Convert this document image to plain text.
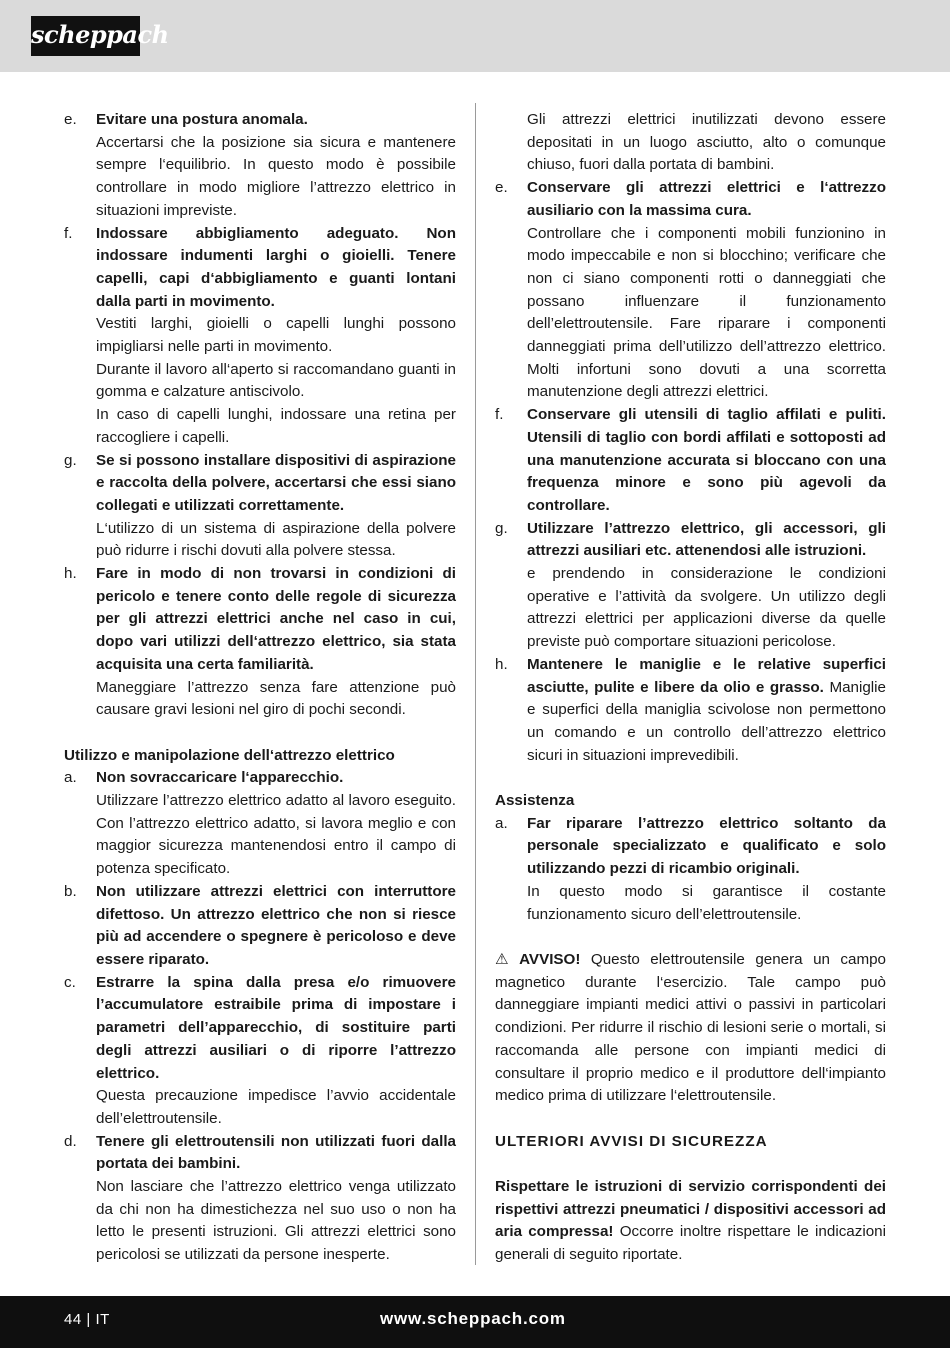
scheppach
e. Evitare una postura anomala.

Accertarsi che la posizione sia sicura e mantenere sempre l‘equilibrio. In questo modo è possibile controllare in modo migliore l’attrezzo elettrico in situazioni impreviste.

f. Indossare abbigliamento adeguato. Non indossare indumenti larghi o gioielli. Tenere capelli, capi d‘abbigliamento e guanti lontani dalla parti in movimento.

Vestiti larghi, gioielli o capelli lunghi possono impigliarsi nelle parti in movimento.

Durante il lavoro all‘aperto si raccomandano guanti in gomma e calzature antiscivolo.

In caso di capelli lunghi, indossare una retina per raccogliere i capelli.

g. Se si possono installare dispositivi di aspirazione e raccolta della polvere, accertarsi che essi siano collegati e utilizzati correttamente.

L‘utilizzo di un sistema di aspirazione della polvere può ridurre i rischi dovuti alla polvere stessa.

h. Fare in modo di non trovarsi in condizioni di pericolo e tenere conto delle regole di sicurezza per gli attrezzi elettrici anche nel caso in cui, dopo vari utilizzi dell‘attrezzo elettrico, sia stata acquisita una certa familiarità.

Maneggiare l’attrezzo senza fare attenzione può causare gravi lesioni nel giro di pochi secondi.

Utilizzo e manipolazione dell‘attrezzo elettrico

a. Non sovraccaricare l‘apparecchio.

Utilizzare l’attrezzo elettrico adatto al lavoro eseguito. Con l’attrezzo elettrico adatto, si lavora meglio e con maggior sicurezza mantenendosi entro il campo di potenza specificato.

b. Non utilizzare attrezzi elettrici con interruttore difettoso. Un attrezzo elettrico che non si riesce più ad accendere o spegnere è pericoloso e deve essere riparato.

c. Estrarre la spina dalla presa e/o rimuovere l’accumulatore estraibile prima di impostare i parametri dell’apparecchio, di sostituire parti degli attrezzi ausiliari o di riporre l’attrezzo elettrico.

Questa precauzione impedisce l’avvio accidentale dell’elettroutensile.

d. Tenere gli elettroutensili non utilizzati fuori dalla portata dei bambini.

Non lasciare che l’attrezzo elettrico venga utilizzato da chi non ha dimestichezza nel suo uso o non ha letto le presenti istruzioni. Gli attrezzi elettrici sono pericolosi se utilizzati da persone inesperte.

Gli attrezzi elettrici inutilizzati devono essere depositati in un luogo asciutto, alto o comunque chiuso, fuori dalla portata di bambini.

e. Conservare gli attrezzi elettrici e l‘attrezzo ausiliario con la massima cura.

Controllare che i componenti mobili funzionino in modo impeccabile e non si blocchino; verificare che non ci siano componenti rotti o danneggiati che possano influenzare il funzionamento dell’elettroutensile. Fare riparare i componenti danneggiati prima dell’utilizzo dell’attrezzo elettrico. Molti infortuni sono dovuti a una scorretta manutenzione degli attrezzi elettrici.

f. Conservare gli utensili di taglio affilati e puliti. Utensili di taglio con bordi affilati e sottoposti ad una manutenzione accurata si bloccano con una frequenza minore e sono più agevoli da controllare.

g. Utilizzare l’attrezzo elettrico, gli accessori, gli attrezzi ausiliari etc. attenendosi alle istruzioni.

e prendendo in considerazione le condizioni operative e l’attività da svolgere. Un utilizzo degli attrezzi elettrici per applicazioni diverse da quelle previste può comportare situazioni pericolose.

h. Mantenere le maniglie e le relative superfici asciutte, pulite e libere da olio e grasso. Maniglie e superfici della maniglia scivolose non permettono un comando e un controllo dell’attrezzo elettrico sicuri in situazioni imprevedibili.

Assistenza

a. Far riparare l’attrezzo elettrico soltanto da personale specializzato e qualificato e solo utilizzando pezzi di ricambio originali.

In questo modo si garantisce il costante funzionamento sicuro dell’elettroutensile.

⚠ AVVISO! Questo elettroutensile genera un campo magnetico durante l‘esercizio. Tale campo può danneggiare impianti medici attivi o passivi in particolari condizioni. Per ridurre il rischio di lesioni serie o mortali, si raccomanda alle persone con impianti medici di consultare il proprio medico e il produttore dell‘impianto medico prima di utilizzare l‘elettroutensile.

ULTERIORI AVVISI DI SICUREZZA

Rispettare le istruzioni di servizio corrispondenti dei rispettivi attrezzi pneumatici / dispositivi accessori ad aria compressa! Occorre inoltre rispettare le indicazioni generali di seguito riportate.

44 | IT	www.scheppach.com
